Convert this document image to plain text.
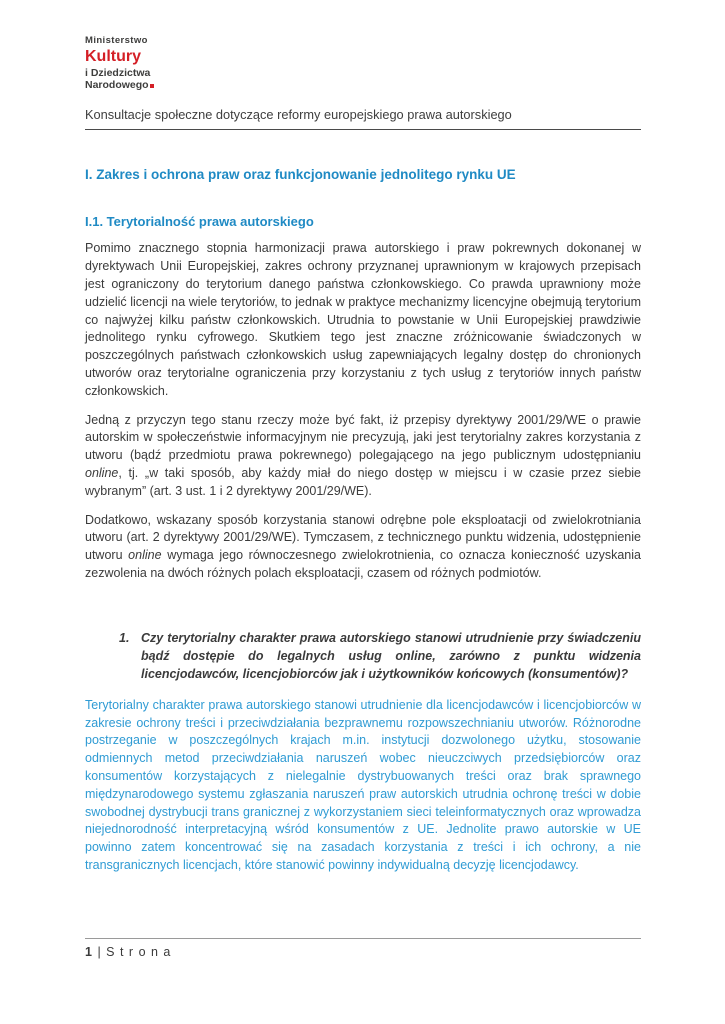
Ministerstwo
Kultury
i Dziedzictwa
Narodowego
Konsultacje społeczne dotyczące reformy europejskiego prawa autorskiego
I. Zakres i ochrona praw oraz funkcjonowanie jednolitego rynku UE
I.1. Terytorialność prawa autorskiego

Pomimo znacznego stopnia harmonizacji prawa autorskiego i praw pokrewnych dokonanej w dyrektywach Unii Europejskiej, zakres ochrony przyznanej uprawnionym w krajowych przepisach jest ograniczony do terytorium danego państwa członkowskiego. Co prawda uprawniony może udzielić licencji na wiele terytoriów, to jednak w praktyce mechanizmy licencyjne obejmują terytorium co najwyżej kilku państw członkowskich. Utrudnia to powstanie w Unii Europejskiej prawdziwie jednolitego rynku cyfrowego. Skutkiem tego jest znaczne zróżnicowanie świadczonych w poszczególnych państwach członkowskich usług zapewniających legalny dostęp do chronionych utworów oraz terytorialne ograniczenia przy korzystaniu z tych usług z terytoriów innych państw członkowskich.

Jedną z przyczyn tego stanu rzeczy może być fakt, iż przepisy dyrektywy 2001/29/WE o prawie autorskim w społeczeństwie informacyjnym nie precyzują, jaki jest terytorialny zakres korzystania z utworu (bądź przedmiotu prawa pokrewnego) polegającego na jego publicznym udostępnianiu online, tj. „w taki sposób, aby każdy miał do niego dostęp w miejscu i w czasie przez siebie wybranym” (art. 3 ust. 1 i 2 dyrektywy 2001/29/WE).

Dodatkowo, wskazany sposób korzystania stanowi odrębne pole eksploatacji od zwielokrotniania utworu (art. 2 dyrektywy 2001/29/WE). Tymczasem, z technicznego punktu widzenia, udostępnienie utworu online wymaga jego równoczesnego zwielokrotnienia, co oznacza konieczność uzyskania zezwolenia na dwóch różnych polach eksploatacji, czasem od różnych podmiotów.

1. Czy terytorialny charakter prawa autorskiego stanowi utrudnienie przy świadczeniu bądź dostępie do legalnych usług online, zarówno z punktu widzenia licencjodawców, licencjobiorców jak i użytkowników końcowych (konsumentów)?

Terytorialny charakter prawa autorskiego stanowi utrudnienie dla licencjodawców i licencjobiorców w zakresie ochrony treści i przeciwdziałania bezprawnemu rozpowszechnianiu utworów. Różnorodne postrzeganie w poszczególnych krajach m.in. instytucji dozwolonego użytku, stosowanie odmiennych metod przeciwdziałania naruszeń wobec nieuczciwych przedsiębiorców oraz konsumentów korzystających z nielegalnie dystrybuowanych treści oraz brak sprawnego międzynarodowego systemu zgłaszania naruszeń praw autorskich utrudnia ochronę treści w dobie swobodnej dystrybucji trans granicznej z wykorzystaniem sieci teleinformatycznych oraz wprowadza niejednorodność interpretacyjną wśród konsumentów z UE. Jednolite prawo autorskie w UE powinno zatem koncentrować się na zasadach korzystania z treści i ich ochrony, a nie transgranicznych licencjach, które stanowić powinny indywidualną decyzję licencjodawcy.

1 | S t r o n a
